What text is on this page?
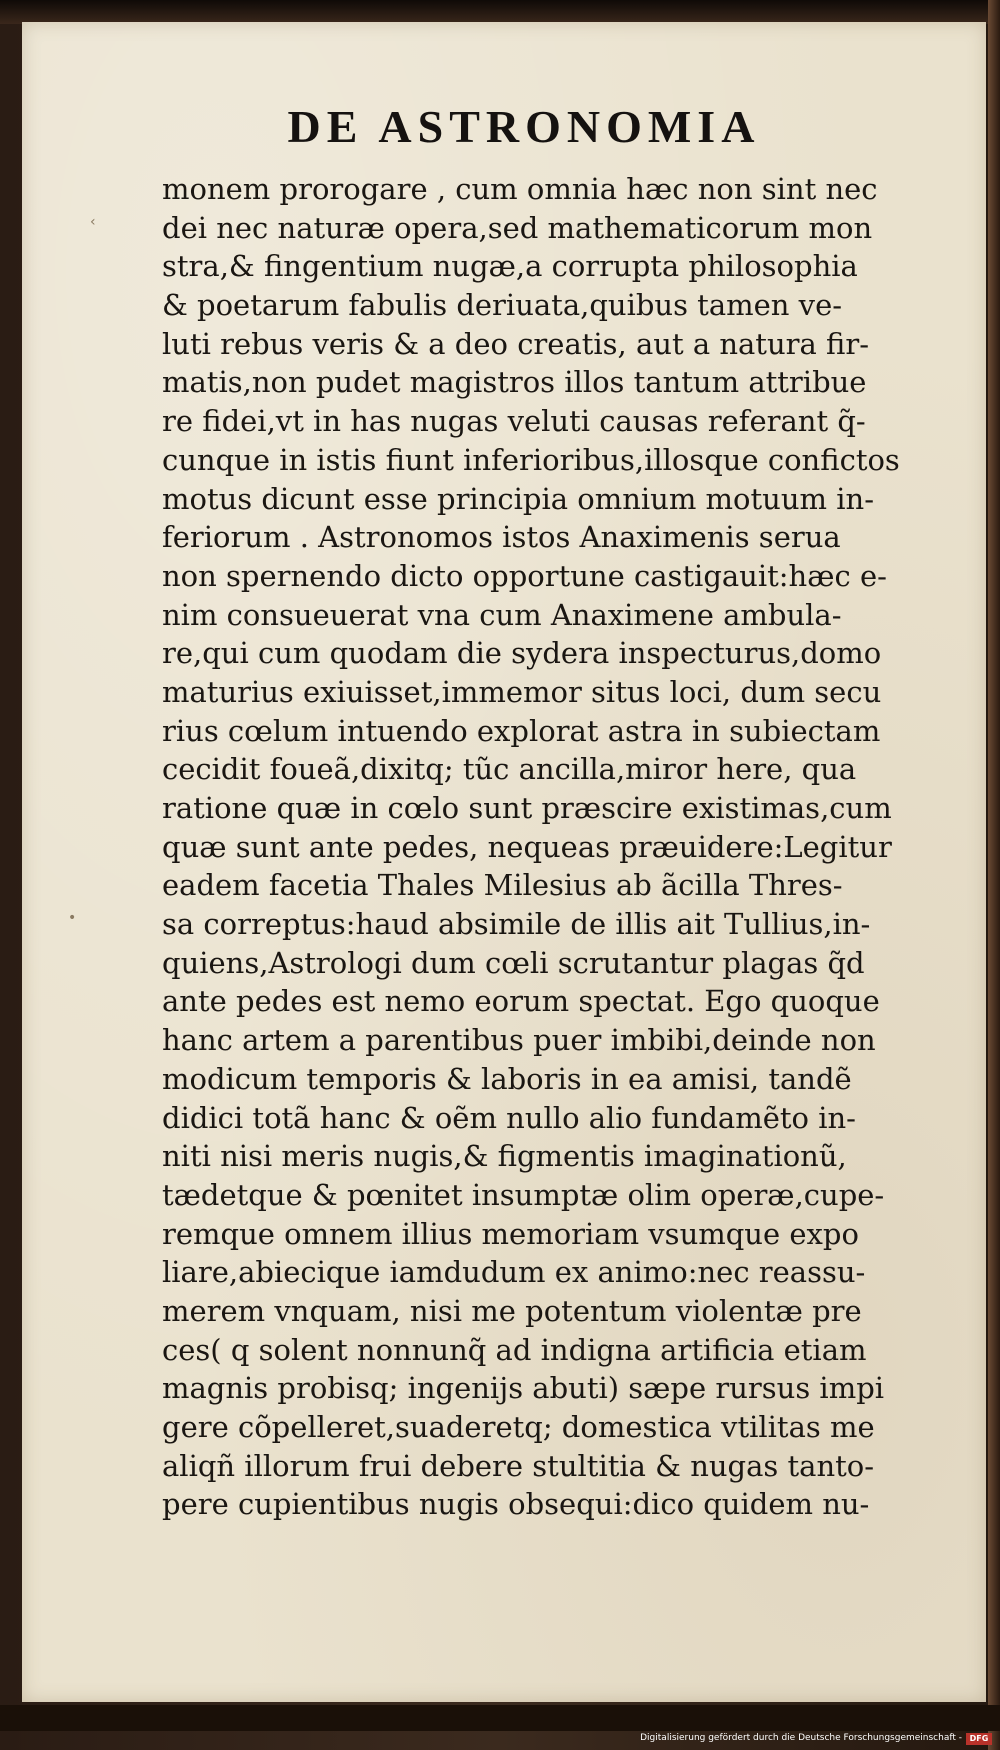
DE ASTRONOMIA
‹
•
monem prorogare , cum omnia hæc non sint nec
dei nec naturæ opera,sed mathematicorum mon
stra,& fingentium nugæ,a corrupta philosophia
& poetarum fabulis deriuata,quibus tamen ve-
luti rebus veris & a deo creatis, aut a natura fir-
matis,non pudet magistros illos tantum attribue
re fidei,vt in has nugas veluti causas referant q̃-
cunque in istis fiunt inferioribus,illosque confictos
motus dicunt esse principia omnium motuum in-
feriorum . Astronomos istos Anaximenis serua
non spernendo dicto opportune castigauit:hæc e-
nim consueuerat vna cum Anaximene ambula-
re,qui cum quodam die sydera inspecturus,domo
maturius exiuisset,immemor situs loci, dum secu
rius cœlum intuendo explorat astra in subiectam
cecidit foueã,dixitq; tũc ancilla,miror here, qua
ratione quæ in cœlo sunt præscire existimas,cum
quæ sunt ante pedes, nequeas præuidere:Legitur
eadem facetia Thales Milesius ab ãcilla Thres-
sa correptus:haud absimile de illis ait Tullius,in-
quiens,Astrologi dum cœli scrutantur plagas q̃d
ante pedes est nemo eorum spectat. Ego quoque
hanc artem a parentibus puer imbibi,deinde non
modicum temporis & laboris in ea amisi, tandẽ
didici totã hanc & oẽm nullo alio fundamẽto in-
niti nisi meris nugis,& figmentis imaginationũ,
tædetque & pœnitet insumptæ olim operæ,cupe-
remque omnem illius memoriam vsumque expo
liare,abiecique iamdudum ex animo:nec reassu-
merem vnquam, nisi me potentum violentæ pre
ces( q solent nonnunq̃ ad indigna artificia etiam
magnis probisq; ingenijs abuti) sæpe rursus impi
gere cõpelleret,suaderetq; domestica vtilitas me
aliqñ illorum frui debere stultitia & nugas tanto-
pere cupientibus nugis obsequi:dico quidem nu-
Digitalisierung gefördert durch die Deutsche Forschungsgemeinschaft - DFG
